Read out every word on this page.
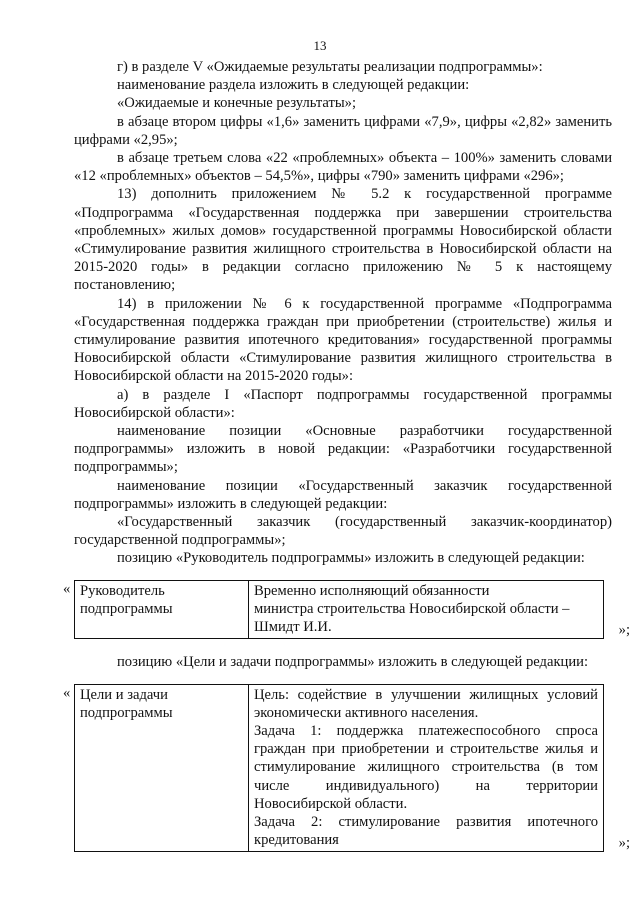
13
г) в разделе V «Ожидаемые результаты реализации подпрограммы»:
наименование раздела изложить в следующей редакции:
«Ожидаемые и конечные результаты»;
в абзаце втором цифры «1,6» заменить цифрами «7,9», цифры «2,82» заменить цифрами «2,95»;
в абзаце третьем слова «22 «проблемных» объекта – 100%» заменить словами «12 «проблемных» объектов – 54,5%», цифры «790» заменить цифрами «296»;
13) дополнить приложением № 5.2 к государственной программе «Подпрограмма «Государственная поддержка при завершении строительства «проблемных» жилых домов» государственной программы Новосибирской области «Стимулирование развития жилищного строительства в Новосибирской области на 2015-2020 годы» в редакции согласно приложению № 5 к настоящему постановлению;
14) в приложении № 6 к государственной программе «Подпрограмма «Государственная поддержка граждан при приобретении (строительстве) жилья и стимулирование развития ипотечного кредитования» государственной программы Новосибирской области «Стимулирование развития жилищного строительства в Новосибирской области на 2015-2020 годы»:
а) в разделе I «Паспорт подпрограммы государственной программы Новосибирской области»:
наименование позиции «Основные разработчики государственной подпрограммы» изложить в новой редакции: «Разработчики государственной подпрограммы»;
наименование позиции «Государственный заказчик государственной подпрограммы» изложить в следующей редакции:
«Государственный заказчик (государственный заказчик-координатор) государственной подпрограммы»;
позицию «Руководитель подпрограммы» изложить в следующей редакции:
« Руководитель подпрограммы	
Временно исполняющий обязанности
министра строительства Новосибирской области –
Шмидт И.И.	»;
позицию «Цели и задачи подпрограммы» изложить в следующей редакции:
« Цели и задачи подпрограммы	
Цель: содействие в улучшении жилищных условий экономически активного населения.
Задача 1: поддержка платежеспособного спроса граждан при приобретении и строительстве жилья и стимулирование жилищного строительства (в том числе индивидуального) на территории Новосибирской области.
Задача 2: стимулирование развития ипотечного кредитования	»;
